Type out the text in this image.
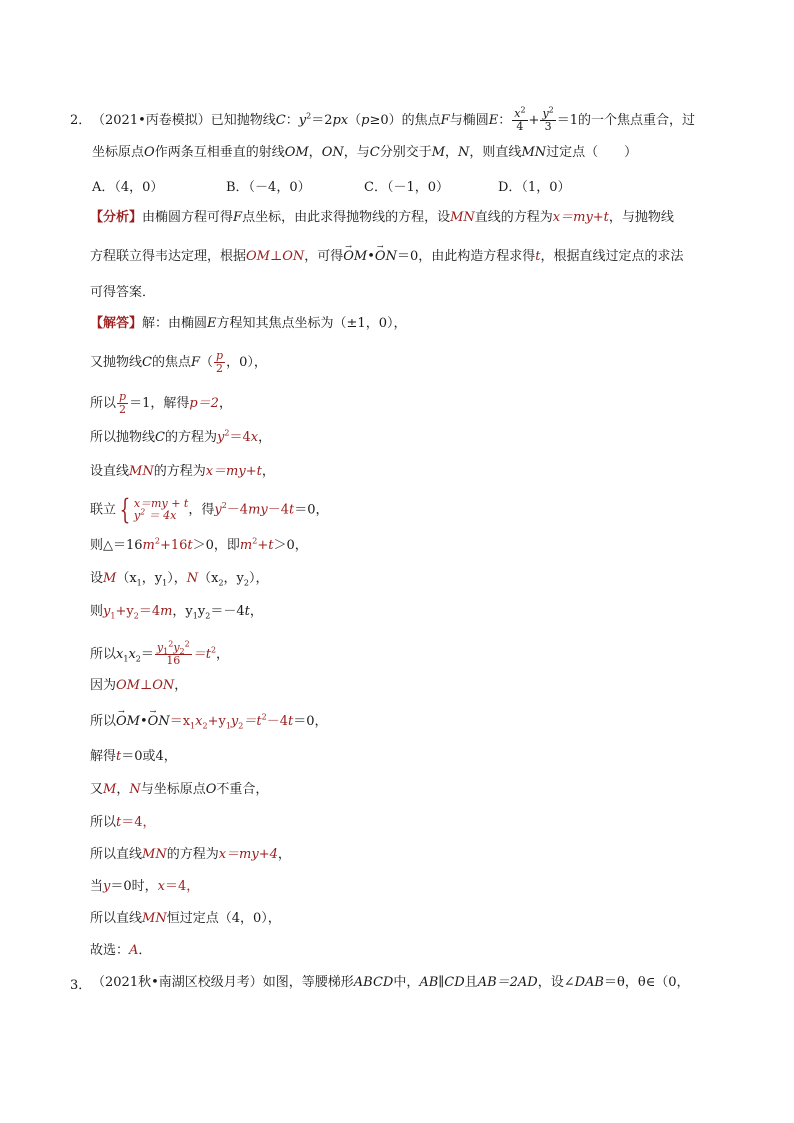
2． （2021•丙卷模拟）已知抛物线C：$y^2=2px(p\ge 0)$的焦点F与椭圆E： $\frac{x^2}{4} + \frac{y^2}{3} =1$的一个焦点重合，过
坐标原点O作两条互相垂直的射线OM，ON，与C分别交于M，N，则直线MN过定点（　　）
A．（4，0）	B．（－4，0）	C．（－1，0）	D．（1，0）
【分析】由椭圆方程可得F点坐标，由此求得抛物线的方程，设MN直线的方程为x＝my+t，与抛物线
方程联立得韦达定理，根据OM⊥ON，可得→ OM•→ ON＝0，由此构造方程求得t，根据直线过定点的求法
可得答案．
【解答】解：由椭圆E方程知其焦点坐标为（±1，0），
又抛物线C的焦点$F( \frac{p}{2}$ ，0），
所以 $\frac{p}{2} =1$，解得p＝2，
所以抛物线C的方程为$y^2=4x$，
设直线MN的方程为x＝my+t，
联立 { x＝my + t
$y^2 = 4x$ ，得$y^2-4my-4t=0$，
则$\triangle=16m^2+16t>0$，即$m^2+t>0$，
设$M(x_1$，$y_1$），$N(x_2$，$y_2$），
则$y_1+y_2=4m$，$y_1y_2=-4t$，
所以$x_1x_2= \frac{y_1^2y_2^2}{16} =t^2$，
因为OM⊥ON，
所以→ OM•→ $ON=x_1x_2+y_1y_2=t^2-4t=0$，
解得t＝0或4，
又M，N与坐标原点O不重合，
所以t＝4，
所以直线MN的方程为x＝my+4，
当y＝0时，x＝4，
所以直线MN恒过定点（4，0），
故选：A．
3． （2021秋•南湖区校级月考）如图，等腰梯形ABCD中，AB∥CD且AB＝2AD，设∠DAB＝θ，θ∈（0，
